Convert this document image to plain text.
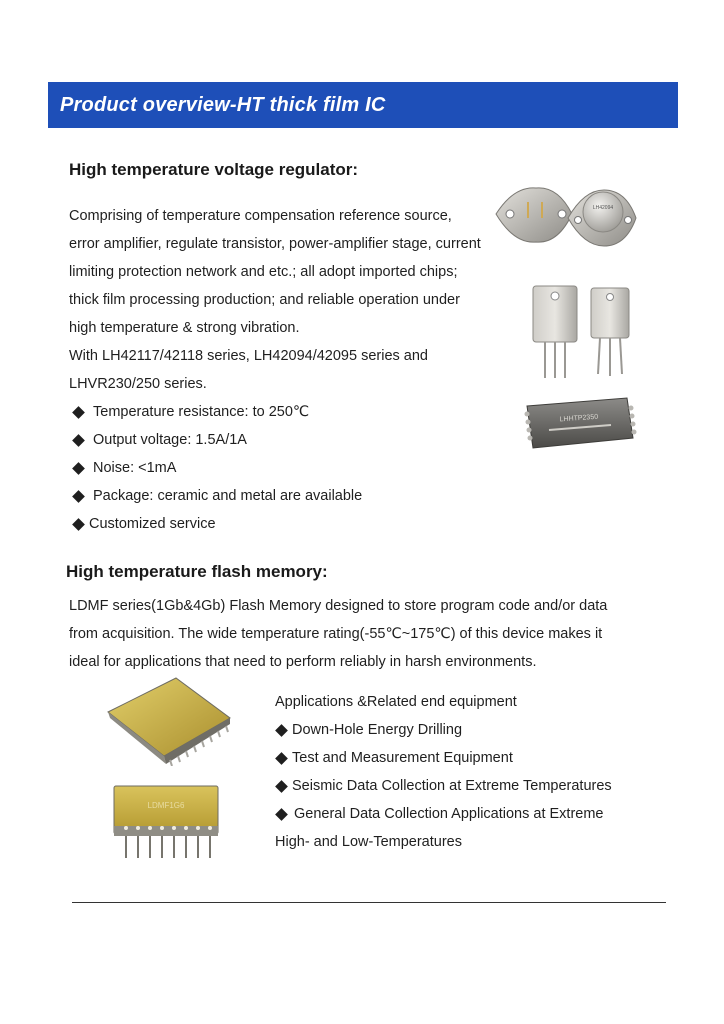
Product overview-HT thick film IC
High temperature voltage regulator:
Comprising of temperature compensation reference source,
error amplifier, regulate transistor, power-amplifier stage, current
limiting protection network and etc.; all adopt imported chips;
thick film processing production; and reliable operation under
high temperature & strong vibration.
With LH42117/42118 series, LH42094/42095 series and
LHVR230/250 series.
Temperature resistance: to 250℃
Output voltage: 1.5A/1A
Noise: <1mA
Package: ceramic and metal are available
Customized service
LH42094
LHHTP2350
High temperature flash memory:
LDMF series(1Gb&4Gb) Flash Memory designed to store program code and/or data
from acquisition. The wide temperature rating(-55℃~175℃) of this device makes it
ideal for applications that need to perform reliably in harsh environments.
LDMF1G6
Applications &Related end equipment
Down-Hole Energy Drilling
Test and Measurement Equipment
Seismic Data Collection at Extreme Temperatures
General Data Collection Applications at Extreme
High- and Low-Temperatures
